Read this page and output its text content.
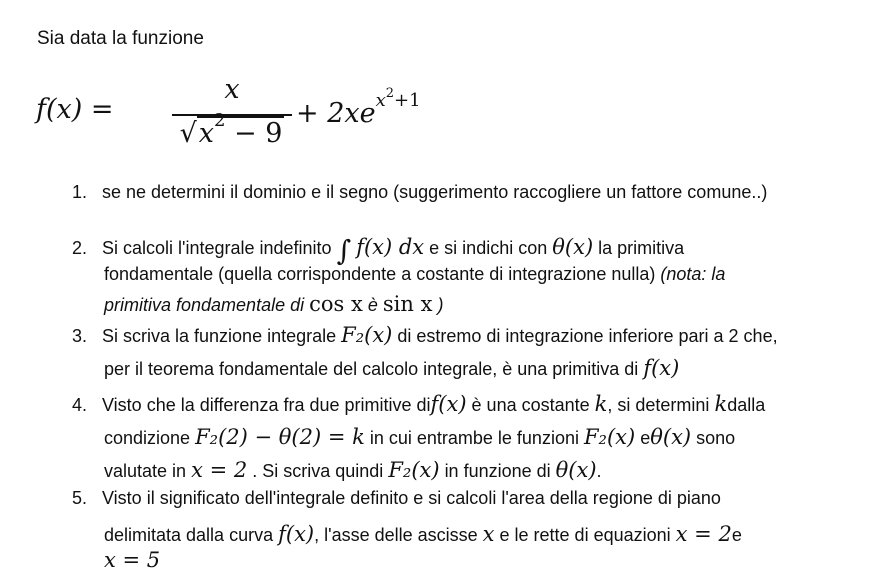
Sia data la funzione
f(x) =
x
$√x^2 - 9$
+ $2xe^{x^2+1}$
1. se ne determini il dominio e il segno (suggerimento raccogliere un fattore comune..)
2. Si calcoli l'integrale indefinito ∫ f(x) dx e si indichi con θ(x) la primitiva
fondamentale (quella corrispondente a costante di integrazione nulla) (nota: la
primitiva fondamentale di cos x è sin x )
3. Si scriva la funzione integrale F₂(x) di estremo di integrazione inferiore pari a 2 che,
per il teorema fondamentale del calcolo integrale, è una primitiva di f(x)
4. Visto che la differenza fra due primitive dif(x) è una costante k, si determini kdalla
condizione F₂(2) − θ(2) = k in cui entrambe le funzioni F₂(x) eθ(x) sono
valutate in x = 2 . Si scriva quindi F₂(x) in funzione di θ(x).
5. Visto il significato dell'integrale definito e si calcoli l'area della regione di piano
delimitata dalla curva f(x), l'asse delle ascisse x e le rette di equazioni x = 2e
x = 5
